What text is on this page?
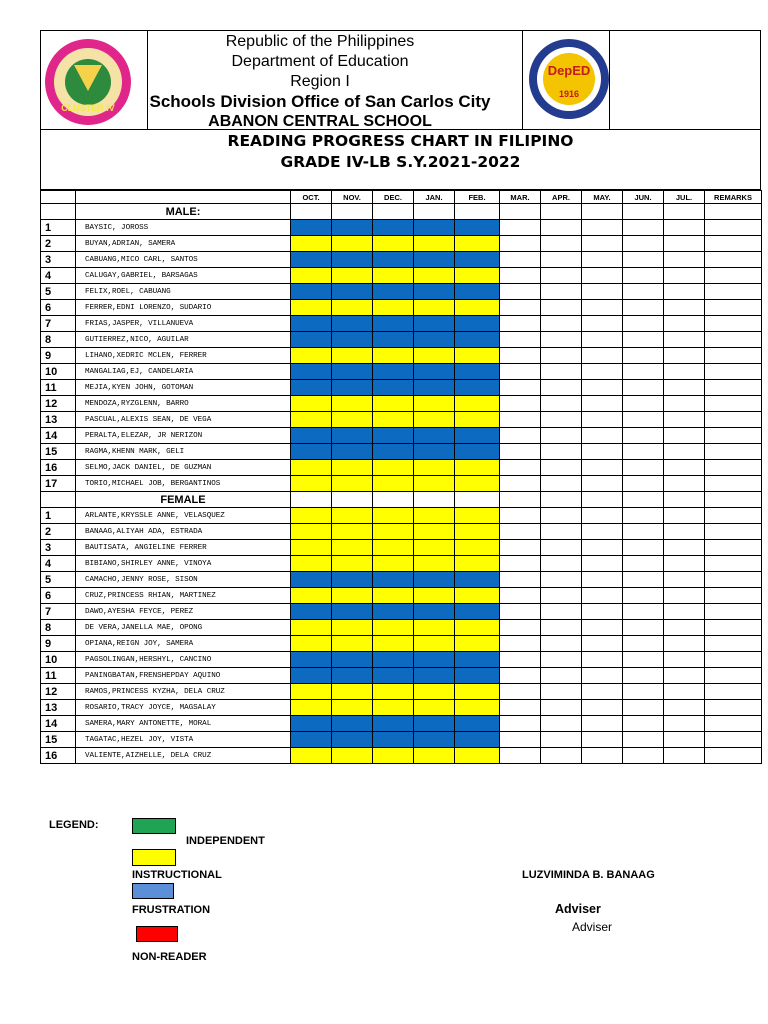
CLUSTER IV
Republic of the Philippines
Department of Education
Region I
Schools Division Office of San Carlos City
ABANON CENTRAL SCHOOL
DepED
1916
READING PROGRESS CHART IN FILIPINO
GRADE IV-LB S.Y.2021-2022
		OCT.	NOV.	DEC.	JAN.	FEB.	MAR.	APR.	MAY.	JUN.	JUL.	REMARKS
	MALE:											
1	BAYSIC, JOROSS											
2	BUYAN,ADRIAN, SAMERA											
3	CABUANG,MICO CARL, SANTOS											
4	CALUGAY,GABRIEL, BARSAGAS											
5	FELIX,ROEL, CABUANG											
6	FERRER,EDNI LORENZO, SUDARIO											
7	FRIAS,JASPER, VILLANUEVA											
8	GUTIERREZ,NICO, AGUILAR											
9	LIHANO,XEDRIC MCLEN, FERRER											
10	MANGALIAG,EJ, CANDELARIA											
11	MEJIA,KYEN JOHN, GOTOMAN											
12	MENDOZA,RYZGLENN, BARRO											
13	PASCUAL,ALEXIS SEAN, DE VEGA											
14	PERALTA,ELEZAR, JR NERIZON											
15	RAGMA,KHENN MARK, GELI											
16	SELMO,JACK DANIEL, DE GUZMAN											
17	TORIO,MICHAEL JOB, BERGANTINOS											
	FEMALE											
1	ARLANTE,KRYSSLE ANNE, VELASQUEZ											
2	BANAAG,ALIYAH ADA, ESTRADA											
3	BAUTISATA, ANGIELINE FERRER											
4	BIBIANO,SHIRLEY ANNE, VINOYA											
5	CAMACHO,JENNY ROSE, SISON											
6	CRUZ,PRINCESS RHIAN, MARTINEZ											
7	DAWO,AYESHA FEYCE, PEREZ											
8	DE VERA,JANELLA MAE, OPONG											
9	OPIANA,REIGN JOY, SAMERA											
10	PAGSOLINGAN,HERSHYL, CANCINO											
11	PANINGBATAN,FRENSHEPDAY AQUINO											
12	RAMOS,PRINCESS KYZHA, DELA CRUZ											
13	ROSARIO,TRACY JOYCE, MAGSALAY											
14	SAMERA,MARY ANTONETTE, MORAL											
15	TAGATAC,HEZEL JOY, VISTA											
16	VALIENTE,AIZHELLE, DELA CRUZ											
LEGEND:
INDEPENDENT
INSTRUCTIONAL
FRUSTRATION
NON-READER
LUZVIMINDA B. BANAAG
Adviser
Adviser
